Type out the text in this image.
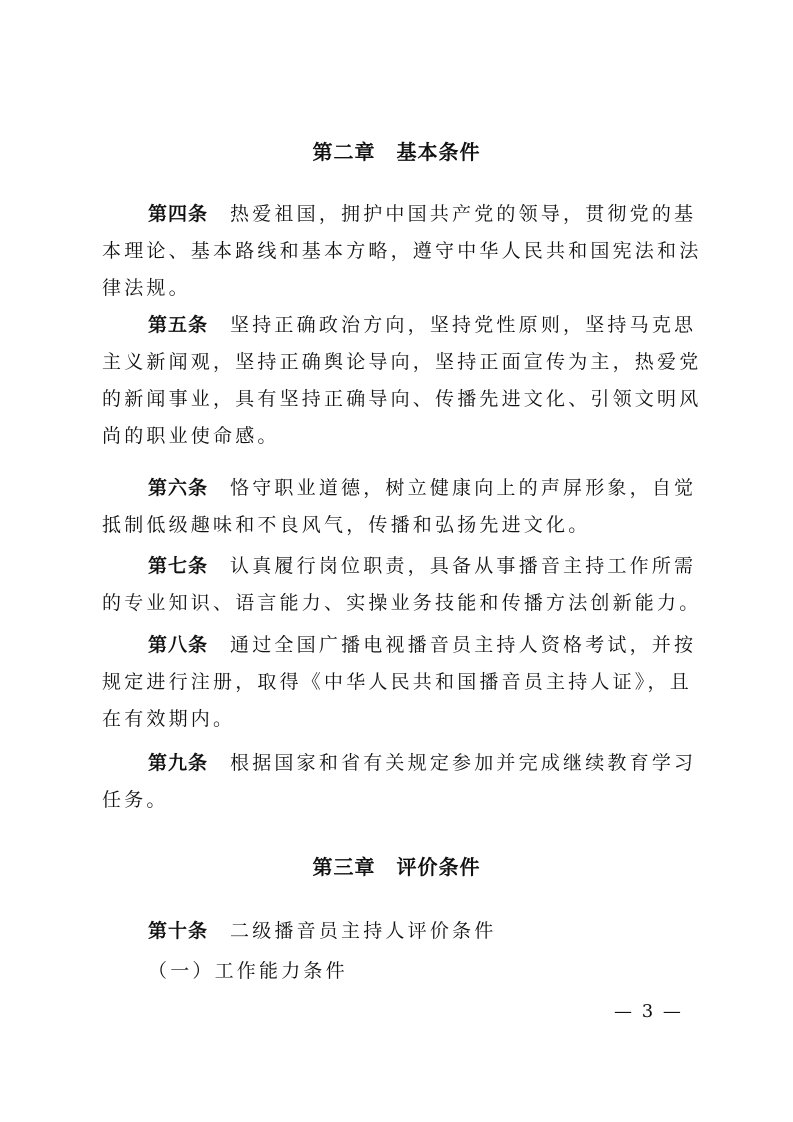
第二章　基本条件
第四条 热爱祖国，拥护中国共产党的领导，贯彻党的基本理论、基本路线和基本方略，遵守中华人民共和国宪法和法律法规。
第五条 坚持正确政治方向，坚持党性原则，坚持马克思主义新闻观，坚持正确舆论导向，坚持正面宣传为主，热爱党的新闻事业，具有坚持正确导向、传播先进文化、引领文明风尚的职业使命感。
第六条 恪守职业道德，树立健康向上的声屏形象，自觉抵制低级趣味和不良风气，传播和弘扬先进文化。
第七条 认真履行岗位职责，具备从事播音主持工作所需的专业知识、语言能力、实操业务技能和传播方法创新能力。
第八条 通过全国广播电视播音员主持人资格考试，并按规定进行注册，取得《中华人民共和国播音员主持人证》，且在有效期内。
第九条 根据国家和省有关规定参加并完成继续教育学习任务。
第三章　评价条件
第十条 二级播音员主持人评价条件
（一）工作能力条件
— 3 —
